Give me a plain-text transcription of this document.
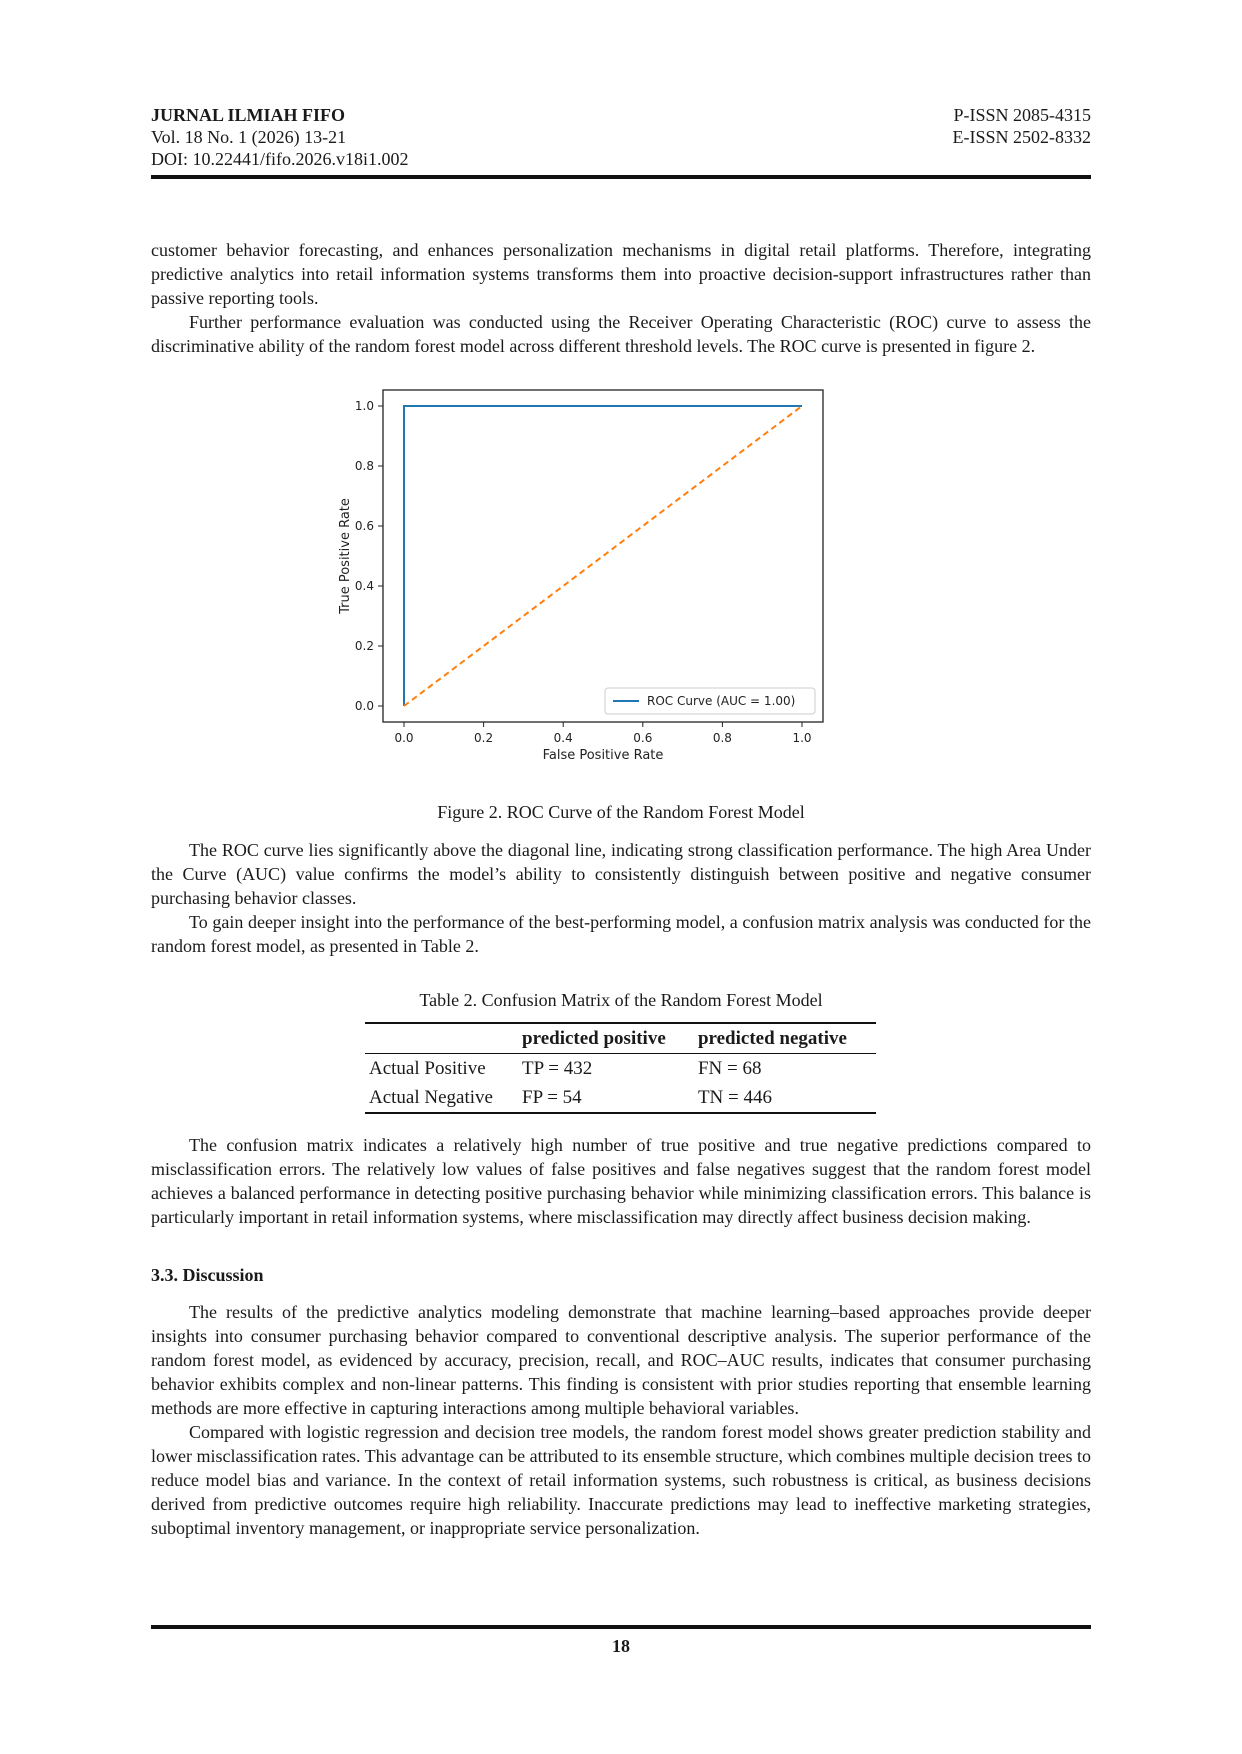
JURNAL ILMIAH FIFO	P-ISSN 2085-4315
Vol. 18 No. 1 (2026) 13-21	E-ISSN 2502-8332
DOI: 10.22441/fifo.2026.v18i1.002

customer behavior forecasting, and enhances personalization mechanisms in digital retail platforms. Therefore, integrating predictive analytics into retail information systems transforms them into proactive decision-support infrastructures rather than passive reporting tools.

Further performance evaluation was conducted using the Receiver Operating Characteristic (ROC) curve to assess the discriminative ability of the random forest model across different threshold levels. The ROC curve is presented in figure 2.

0.0	0.2	0.4	0.6	0.8	1.0
0.0
0.2
0.4
0.6
0.8
1.0
False Positive Rate
True Positive Rate
ROC Curve (AUC = 1.00)
Figure 2. ROC Curve of the Random Forest Model

The ROC curve lies significantly above the diagonal line, indicating strong classification performance. The high Area Under the Curve (AUC) value confirms the model’s ability to consistently distinguish between positive and negative consumer purchasing behavior classes.

To gain deeper insight into the performance of the best-performing model, a confusion matrix analysis was conducted for the random forest model, as presented in Table 2.

Table 2. Confusion Matrix of the Random Forest Model
	predicted positive	predicted negative
Actual Positive	TP = 432	FN = 68
Actual Negative	FP = 54	TN = 446

The confusion matrix indicates a relatively high number of true positive and true negative predictions compared to misclassification errors. The relatively low values of false positives and false negatives suggest that the random forest model achieves a balanced performance in detecting positive purchasing behavior while minimizing classification errors. This balance is particularly important in retail information systems, where misclassification may directly affect business decision making.

3.3. Discussion

The results of the predictive analytics modeling demonstrate that machine learning–based approaches provide deeper insights into consumer purchasing behavior compared to conventional descriptive analysis. The superior performance of the random forest model, as evidenced by accuracy, precision, recall, and ROC–AUC results, indicates that consumer purchasing behavior exhibits complex and non-linear patterns. This finding is consistent with prior studies reporting that ensemble learning methods are more effective in capturing interactions among multiple behavioral variables.

Compared with logistic regression and decision tree models, the random forest model shows greater prediction stability and lower misclassification rates. This advantage can be attributed to its ensemble structure, which combines multiple decision trees to reduce model bias and variance. In the context of retail information systems, such robustness is critical, as business decisions derived from predictive outcomes require high reliability. Inaccurate predictions may lead to ineffective marketing strategies, suboptimal inventory management, or inappropriate service personalization.

18
